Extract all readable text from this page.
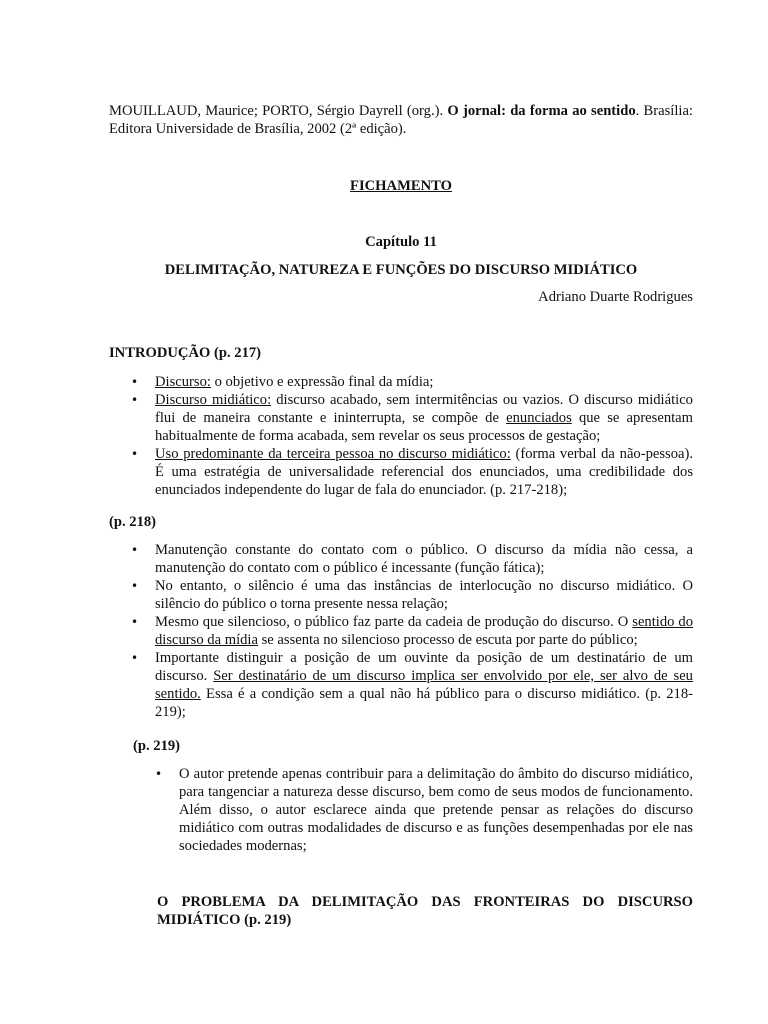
MOUILLAUD, Maurice; PORTO, Sérgio Dayrell (org.). O jornal: da forma ao sentido. Brasília: Editora Universidade de Brasília, 2002 (2ª edição).
FICHAMENTO
Capítulo 11
DELIMITAÇÃO, NATUREZA E FUNÇÕES DO DISCURSO MIDIÁTICO
Adriano Duarte Rodrigues
INTRODUÇÃO (p. 217)
• Discurso: o objetivo e expressão final da mídia;
• Discurso midiático: discurso acabado, sem intermitências ou vazios. O discurso midiático flui de maneira constante e ininterrupta, se compõe de enunciados que se apresentam habitualmente de forma acabada, sem revelar os seus processos de gestação;
• Uso predominante da terceira pessoa no discurso midiático: (forma verbal da não-pessoa). É uma estratégia de universalidade referencial dos enunciados, uma credibilidade dos enunciados independente do lugar de fala do enunciador. (p. 217-218);
(p. 218)
• Manutenção constante do contato com o público. O discurso da mídia não cessa, a manutenção do contato com o público é incessante (função fática);
• No entanto, o silêncio é uma das instâncias de interlocução no discurso midiático. O silêncio do público o torna presente nessa relação;
• Mesmo que silencioso, o público faz parte da cadeia de produção do discurso. O sentido do discurso da mídia se assenta no silencioso processo de escuta por parte do público;
• Importante distinguir a posição de um ouvinte da posição de um destinatário de um discurso. Ser destinatário de um discurso implica ser envolvido por ele, ser alvo de seu sentido. Essa é a condição sem a qual não há público para o discurso midiático. (p. 218-219);
(p. 219)
• O autor pretende apenas contribuir para a delimitação do âmbito do discurso midiático, para tangenciar a natureza desse discurso, bem como de seus modos de funcionamento. Além disso, o autor esclarece ainda que pretende pensar as relações do discurso midiático com outras modalidades de discurso e as funções desempenhadas por ele nas sociedades modernas;
O PROBLEMA DA DELIMITAÇÃO DAS FRONTEIRAS DO DISCURSO MIDIÁTICO (p. 219)
